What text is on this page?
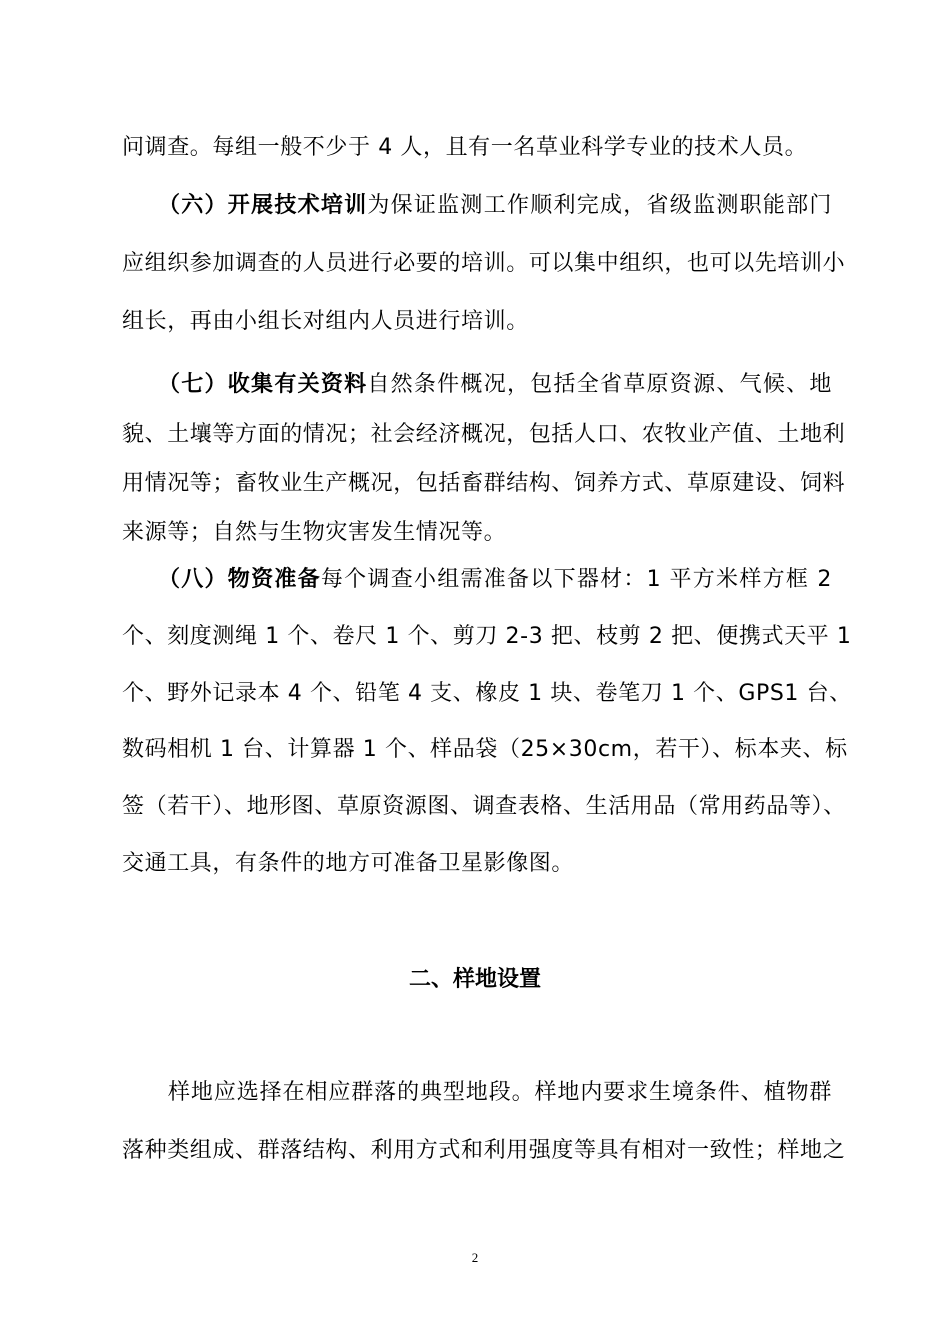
问调查。每组一般不少于 4 人，且有一名草业科学专业的技术人员。
（六）开展技术培训为保证监测工作顺利完成，省级监测职能部门
应组织参加调查的人员进行必要的培训。可以集中组织，也可以先培训小
组长，再由小组长对组内人员进行培训。
（七）收集有关资料自然条件概况，包括全省草原资源、气候、地
貌、土壤等方面的情况；社会经济概况，包括人口、农牧业产值、土地利
用情况等；畜牧业生产概况，包括畜群结构、饲养方式、草原建设、饲料
来源等；自然与生物灾害发生情况等。
（八）物资准备每个调查小组需准备以下器材：1 平方米样方框 2
个、刻度测绳 1 个、卷尺 1 个、剪刀 2-3 把、枝剪 2 把、便携式天平 1
个、野外记录本 4 个、铅笔 4 支、橡皮 1 块、卷笔刀 1 个、GPS1 台、
数码相机 1 台、计算器 1 个、样品袋（25×30cm，若干）、标本夹、标
签（若干）、地形图、草原资源图、调查表格、生活用品（常用药品等）、
交通工具，有条件的地方可准备卫星影像图。
二、样地设置
样地应选择在相应群落的典型地段。样地内要求生境条件、植物群
落种类组成、群落结构、利用方式和利用强度等具有相对一致性；样地之
2
